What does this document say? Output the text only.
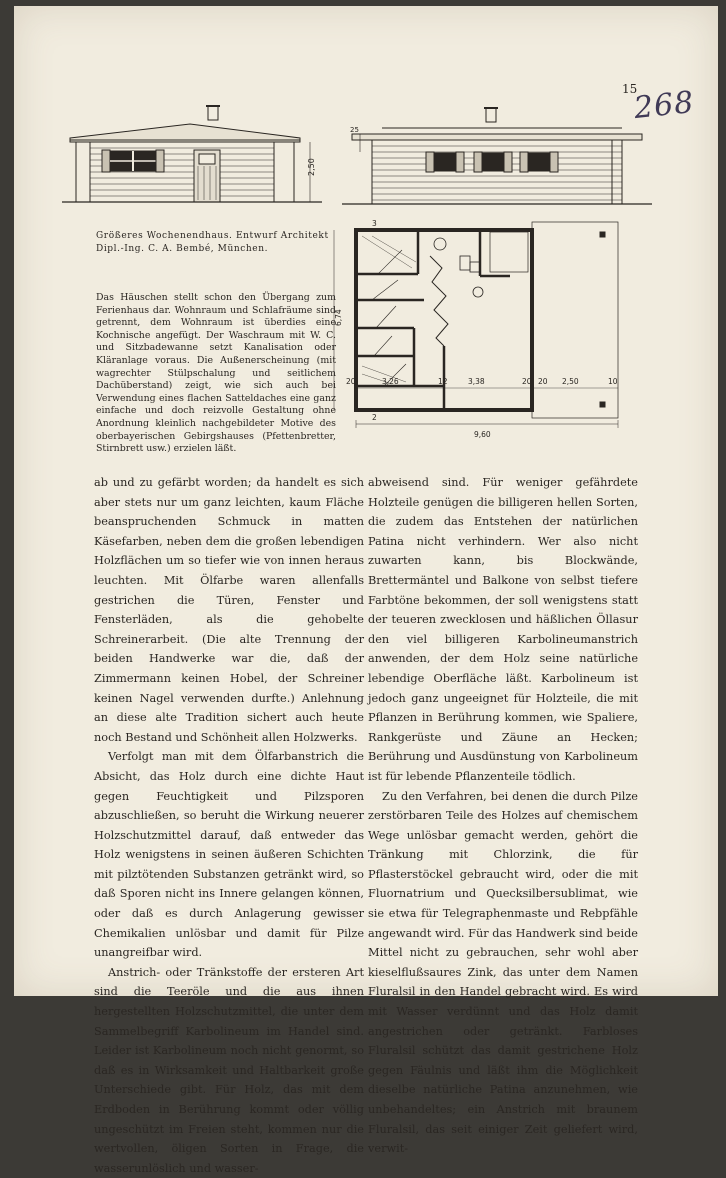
15
268
2,50
25
6,74
9,60
3,26	3,38	2,50
20	12	20	10
20
3
2
Größeres Wochenendhaus. Entwurf Architekt Dipl.-Ing. C. A. Bembé, München.
Das Häuschen stellt schon den Übergang zum Ferienhaus dar. Wohnraum und Schlafräume sind getrennt, dem Wohnraum ist überdies eine Kochnische angefügt. Der Waschraum mit W. C. und Sitzbadewanne setzt Kanalisation oder Kläranlage voraus. Die Außenerscheinung (mit wagrechter Stülpschalung und seitlichem Dachüberstand) zeigt, wie sich auch bei Verwendung eines flachen Satteldaches eine ganz einfache und doch reizvolle Gestaltung ohne Anordnung kleinlich nachgebildeter Motive des oberbayerischen Gebirgshauses (Pfettenbretter, Stirnbrett usw.) erzielen läßt.

ab und zu gefärbt worden; da handelt es sich aber stets nur um ganz leichten, kaum Fläche beanspruchenden Schmuck in matten Käsefarben, neben dem die großen lebendigen Holzflächen um so tiefer wie von innen heraus leuchten. Mit Ölfarbe waren allenfalls gestrichen die Türen, Fenster und Fensterläden, als die gehobelte Schreinerarbeit. (Die alte Trennung der beiden Handwerke war die, daß der Zimmermann keinen Hobel, der Schreiner keinen Nagel verwenden durfte.) Anlehnung an diese alte Tradition sichert auch heute noch Bestand und Schönheit allen Holzwerks.

Verfolgt man mit dem Ölfarbanstrich die Absicht, das Holz durch eine dichte Haut gegen Feuchtigkeit und Pilzsporen abzuschließen, so beruht die Wirkung neuerer Holzschutzmittel darauf, daß entweder das Holz wenigstens in seinen äußeren Schichten mit pilztötenden Substanzen getränkt wird, so daß Sporen nicht ins Innere gelangen können, oder daß es durch Anlagerung gewisser Chemikalien unlösbar und damit für Pilze unangreifbar wird.

Anstrich- oder Tränkstoffe der ersteren Art sind die Teeröle und die aus ihnen hergestellten Holzschutzmittel, die unter dem Sammelbegriff Karbolineum im Handel sind. Leider ist Karbolineum noch nicht genormt, so daß es in Wirksamkeit und Haltbarkeit große Unterschiede gibt. Für Holz, das mit dem Erdboden in Berührung kommt oder völlig ungeschützt im Freien steht, kommen nur die wertvollen, öligen Sorten in Frage, die wasserunlöslich und wasser-

abweisend sind. Für weniger gefährdete Holzteile genügen die billigeren hellen Sorten, die zudem das Entstehen der natürlichen Patina nicht verhindern. Wer also nicht zuwarten kann, bis Blockwände, Brettermäntel und Balkone von selbst tiefere Farbtöne bekommen, der soll wenigstens statt der teueren zwecklosen und häßlichen Öllasur den viel billigeren Karbolineumanstrich anwenden, der dem Holz seine natürliche lebendige Oberfläche läßt. Karbolineum ist jedoch ganz ungeeignet für Holzteile, die mit Pflanzen in Berührung kommen, wie Spaliere, Rankgerüste und Zäune an Hecken; Berührung und Ausdünstung von Karbolineum ist für lebende Pflanzenteile tödlich.

Zu den Verfahren, bei denen die durch Pilze zerstörbaren Teile des Holzes auf chemischem Wege unlösbar gemacht werden, gehört die Tränkung mit Chlorzink, die für Pflasterstöckel gebraucht wird, oder die mit Fluornatrium und Quecksilbersublimat, wie sie etwa für Telegraphenmaste und Rebpfähle angewandt wird. Für das Handwerk sind beide Mittel nicht zu gebrauchen, sehr wohl aber kieselflußsaures Zink, das unter dem Namen Fluralsil in den Handel gebracht wird. Es wird mit Wasser verdünnt und das Holz damit angestrichen oder getränkt. Farbloses Fluralsil schützt das damit gestrichene Holz gegen Fäulnis und läßt ihm die Möglichkeit dieselbe natürliche Patina anzunehmen, wie unbehandeltes; ein Anstrich mit braunem Fluralsil, das seit einiger Zeit geliefert wird, verwit-
